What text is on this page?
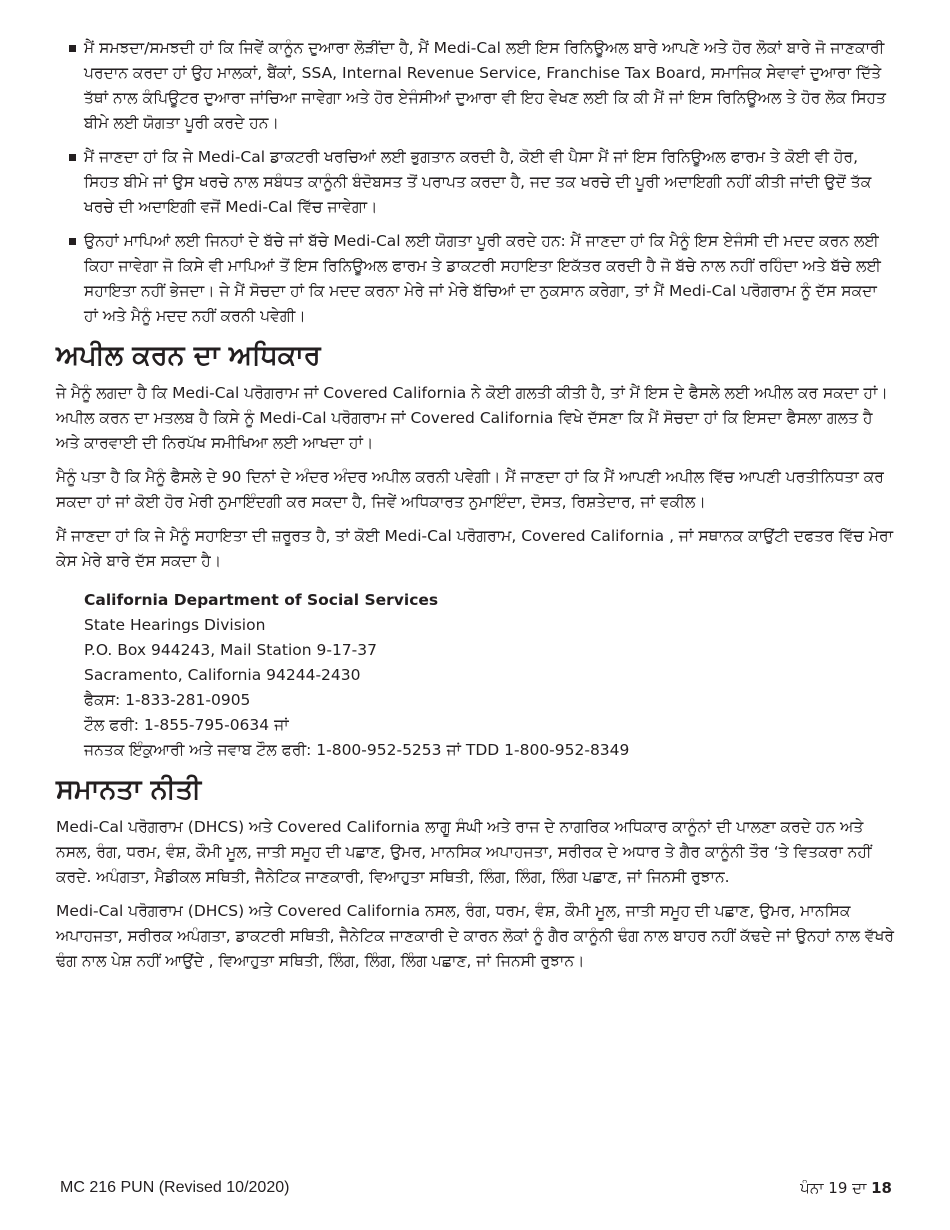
ਮੈਂ ਸਮਝਦਾ/ਸਮਝਦੀ ਹਾਂ ਕਿ ਜਿਵੇਂ ਕਾਨੂੰਨ ਦੁਆਰਾ ਲੋੜੀਂਦਾ ਹੈ, ਮੈਂ Medi-Cal ਲਈ ਇਸ ਰਿਨਿਊਅਲ ਬਾਰੇ ਆਪਣੇ ਅਤੇ ਹੋਰ ਲੋਕਾਂ ਬਾਰੇ ਜੋ ਜਾਣਕਾਰੀ ਪਰਦਾਨ ਕਰਦਾ ਹਾਂ ਉਹ ਮਾਲਕਾਂ, ਬੈਂਕਾਂ, SSA, Internal Revenue Service, Franchise Tax Board, ਸਮਾਜਿਕ ਸੇਵਾਵਾਂ ਦੁਆਰਾ ਦਿੱਤੇ ਤੱਥਾਂ ਨਾਲ ਕੰਪਿਊਟਰ ਦੁਆਰਾ ਜਾਂਚਿਆ ਜਾਵੇਗਾ ਅਤੇ ਹੋਰ ਏਜੰਸੀਆਂ ਦੁਆਰਾ ਵੀ ਇਹ ਵੇਖਣ ਲਈ ਕਿ ਕੀ ਮੈਂ ਜਾਂ ਇਸ ਰਿਨਿਊਅਲ ਤੇ ਹੋਰ ਲੋਕ ਸਿਹਤ ਬੀਮੇ ਲਈ ਯੋਗਤਾ ਪੂਰੀ ਕਰਦੇ ਹਨ।
ਮੈਂ ਜਾਣਦਾ ਹਾਂ ਕਿ ਜੇ Medi-Cal ਡਾਕਟਰੀ ਖਰਚਿਆਂ ਲਈ ਭੁਗਤਾਨ ਕਰਦੀ ਹੈ, ਕੋਈ ਵੀ ਪੈਸਾ ਮੈਂ ਜਾਂ ਇਸ ਰਿਨਿਊਅਲ ਫਾਰਮ ਤੇ ਕੋਈ ਵੀ ਹੋਰ, ਸਿਹਤ ਬੀਮੇ ਜਾਂ ਉਸ ਖਰਚੇ ਨਾਲ ਸਬੰਧਤ ਕਾਨੂੰਨੀ ਬੰਦੋਬਸਤ ਤੋਂ ਪਰਾਪਤ ਕਰਦਾ ਹੈ, ਜਦ ਤਕ ਖਰਚੇ ਦੀ ਪੂਰੀ ਅਦਾਇਗੀ ਨਹੀਂ ਕੀਤੀ ਜਾਂਦੀ ਉਦੋਂ ਤੱਕ ਖਰਚੇ ਦੀ ਅਦਾਇਗੀ ਵਜੋਂ Medi-Cal ਵਿੱਚ ਜਾਵੇਗਾ।
ਉਨਹਾਂ ਮਾਪਿਆਂ ਲਈ ਜਿਨਹਾਂ ਦੇ ਬੱਚੇ ਜਾਂ ਬੱਚੇ Medi-Cal ਲਈ ਯੋਗਤਾ ਪੂਰੀ ਕਰਦੇ ਹਨ: ਮੈਂ ਜਾਣਦਾ ਹਾਂ ਕਿ ਮੈਨੂੰ ਇਸ ਏਜੰਸੀ ਦੀ ਮਦਦ ਕਰਨ ਲਈ ਕਿਹਾ ਜਾਵੇਗਾ ਜੋ ਕਿਸੇ ਵੀ ਮਾਪਿਆਂ ਤੋਂ ਇਸ ਰਿਨਿਊਅਲ ਫਾਰਮ ਤੇ ਡਾਕਟਰੀ ਸਹਾਇਤਾ ਇਕੱਤਰ ਕਰਦੀ ਹੈ ਜੋ ਬੱਚੇ ਨਾਲ ਨਹੀਂ ਰਹਿੰਦਾ ਅਤੇ ਬੱਚੇ ਲਈ ਸਹਾਇਤਾ ਨਹੀਂ ਭੇਜਦਾ। ਜੇ ਮੈਂ ਸੋਚਦਾ ਹਾਂ ਕਿ ਮਦਦ ਕਰਨਾ ਮੇਰੇ ਜਾਂ ਮੇਰੇ ਬੱਚਿਆਂ ਦਾ ਨੁਕਸਾਨ ਕਰੇਗਾ, ਤਾਂ ਮੈਂ Medi-Cal ਪਰੋਗਰਾਮ ਨੂੰ ਦੱਸ ਸਕਦਾ ਹਾਂ ਅਤੇ ਮੈਨੂੰ ਮਦਦ ਨਹੀਂ ਕਰਨੀ ਪਵੇਗੀ।
ਅਪੀਲ ਕਰਨ ਦਾ ਅਧਿਕਾਰ

ਜੇ ਮੈਨੂੰ ਲਗਦਾ ਹੈ ਕਿ Medi-Cal ਪਰੋਗਰਾਮ ਜਾਂ Covered California ਨੇ ਕੋਈ ਗਲਤੀ ਕੀਤੀ ਹੈ, ਤਾਂ ਮੈਂ ਇਸ ਦੇ ਫੈਸਲੇ ਲਈ ਅਪੀਲ ਕਰ ਸਕਦਾ ਹਾਂ। ਅਪੀਲ ਕਰਨ ਦਾ ਮਤਲਬ ਹੈ ਕਿਸੇ ਨੂੰ Medi-Cal ਪਰੋਗਰਾਮ ਜਾਂ Covered California ਵਿਖੇ ਦੱਸਣਾ ਕਿ ਮੈਂ ਸੋਚਦਾ ਹਾਂ ਕਿ ਇਸਦਾ ਫੈਸਲਾ ਗਲਤ ਹੈ ਅਤੇ ਕਾਰਵਾਈ ਦੀ ਨਿਰਪੱਖ ਸਮੀਖਿਆ ਲਈ ਆਖਦਾ ਹਾਂ।

ਮੈਨੂੰ ਪਤਾ ਹੈ ਕਿ ਮੈਨੂੰ ਫੈਸਲੇ ਦੇ 90 ਦਿਨਾਂ ਦੇ ਅੰਦਰ ਅੰਦਰ ਅਪੀਲ ਕਰਨੀ ਪਵੇਗੀ। ਮੈਂ ਜਾਣਦਾ ਹਾਂ ਕਿ ਮੈਂ ਆਪਣੀ ਅਪੀਲ ਵਿੱਚ ਆਪਣੀ ਪਰਤੀਨਿਧਤਾ ਕਰ ਸਕਦਾ ਹਾਂ ਜਾਂ ਕੋਈ ਹੋਰ ਮੇਰੀ ਨੁਮਾਇੰਦਗੀ ਕਰ ਸਕਦਾ ਹੈ, ਜਿਵੇਂ ਅਧਿਕਾਰਤ ਨੁਮਾਇੰਦਾ, ਦੋਸਤ, ਰਿਸ਼ਤੇਦਾਰ, ਜਾਂ ਵਕੀਲ।

ਮੈਂ ਜਾਣਦਾ ਹਾਂ ਕਿ ਜੇ ਮੈਨੂੰ ਸਹਾਇਤਾ ਦੀ ਜ਼ਰੂਰਤ ਹੈ, ਤਾਂ ਕੋਈ Medi-Cal ਪਰੋਗਰਾਮ, Covered California , ਜਾਂ ਸਥਾਨਕ ਕਾਉਂਟੀ ਦਫਤਰ ਵਿੱਚ ਮੇਰਾ ਕੇਸ ਮੇਰੇ ਬਾਰੇ ਦੱਸ ਸਕਦਾ ਹੈ।

California Department of Social Services
State Hearings Division
P.O. Box 944243, Mail Station 9-17-37
Sacramento, California 94244-2430
ਫੈਕਸ: 1-833-281-0905
ਟੌਲ ਫਰੀ: 1-855-795-0634 ਜਾਂ
ਜਨਤਕ ਇੰਕੁਆਰੀ ਅਤੇ ਜਵਾਬ ਟੌਲ ਫਰੀ: 1-800-952-5253 ਜਾਂ TDD 1-800-952-8349
ਸਮਾਨਤਾ ਨੀਤੀ

Medi-Cal ਪਰੋਗਰਾਮ (DHCS) ਅਤੇ Covered California ਲਾਗੂ ਸੰਘੀ ਅਤੇ ਰਾਜ ਦੇ ਨਾਗਰਿਕ ਅਧਿਕਾਰ ਕਾਨੂੰਨਾਂ ਦੀ ਪਾਲਣਾ ਕਰਦੇ ਹਨ ਅਤੇ ਨਸਲ, ਰੰਗ, ਧਰਮ, ਵੰਸ਼, ਕੌਮੀ ਮੂਲ, ਜਾਤੀ ਸਮੂਹ ਦੀ ਪਛਾਣ, ਉਮਰ, ਮਾਨਸਿਕ ਅਪਾਹਜਤਾ, ਸਰੀਰਕ ਦੇ ਅਧਾਰ ਤੇ ਗੈਰ ਕਾਨੂੰਨੀ ਤੌਰ ‘ਤੇ ਵਿਤਕਰਾ ਨਹੀਂ ਕਰਦੇ. ਅਪੰਗਤਾ, ਮੈਡੀਕਲ ਸਥਿਤੀ, ਜੈਨੇਟਿਕ ਜਾਣਕਾਰੀ, ਵਿਆਹੁਤਾ ਸਥਿਤੀ, ਲਿੰਗ, ਲਿੰਗ, ਲਿੰਗ ਪਛਾਣ, ਜਾਂ ਜਿਨਸੀ ਰੁਝਾਨ.

Medi-Cal ਪਰੋਗਰਾਮ (DHCS) ਅਤੇ Covered California ਨਸਲ, ਰੰਗ, ਧਰਮ, ਵੰਸ਼, ਕੌਮੀ ਮੂਲ, ਜਾਤੀ ਸਮੂਹ ਦੀ ਪਛਾਣ, ਉਮਰ, ਮਾਨਸਿਕ ਅਪਾਹਜਤਾ, ਸਰੀਰਕ ਅਪੰਗਤਾ, ਡਾਕਟਰੀ ਸਥਿਤੀ, ਜੈਨੇਟਿਕ ਜਾਣਕਾਰੀ ਦੇ ਕਾਰਨ ਲੋਕਾਂ ਨੂੰ ਗੈਰ ਕਾਨੂੰਨੀ ਢੰਗ ਨਾਲ ਬਾਹਰ ਨਹੀਂ ਕੱਢਦੇ ਜਾਂ ਉਨਹਾਂ ਨਾਲ ਵੱਖਰੇ ਢੰਗ ਨਾਲ ਪੇਸ਼ ਨਹੀਂ ਆਉਂਦੇ , ਵਿਆਹੁਤਾ ਸਥਿਤੀ, ਲਿੰਗ, ਲਿੰਗ, ਲਿੰਗ ਪਛਾਣ, ਜਾਂ ਜਿਨਸੀ ਰੁਝਾਨ।

MC 216 PUN (Revised 10/2020)	ਪੰਨਾ 19 ਦਾ 18
